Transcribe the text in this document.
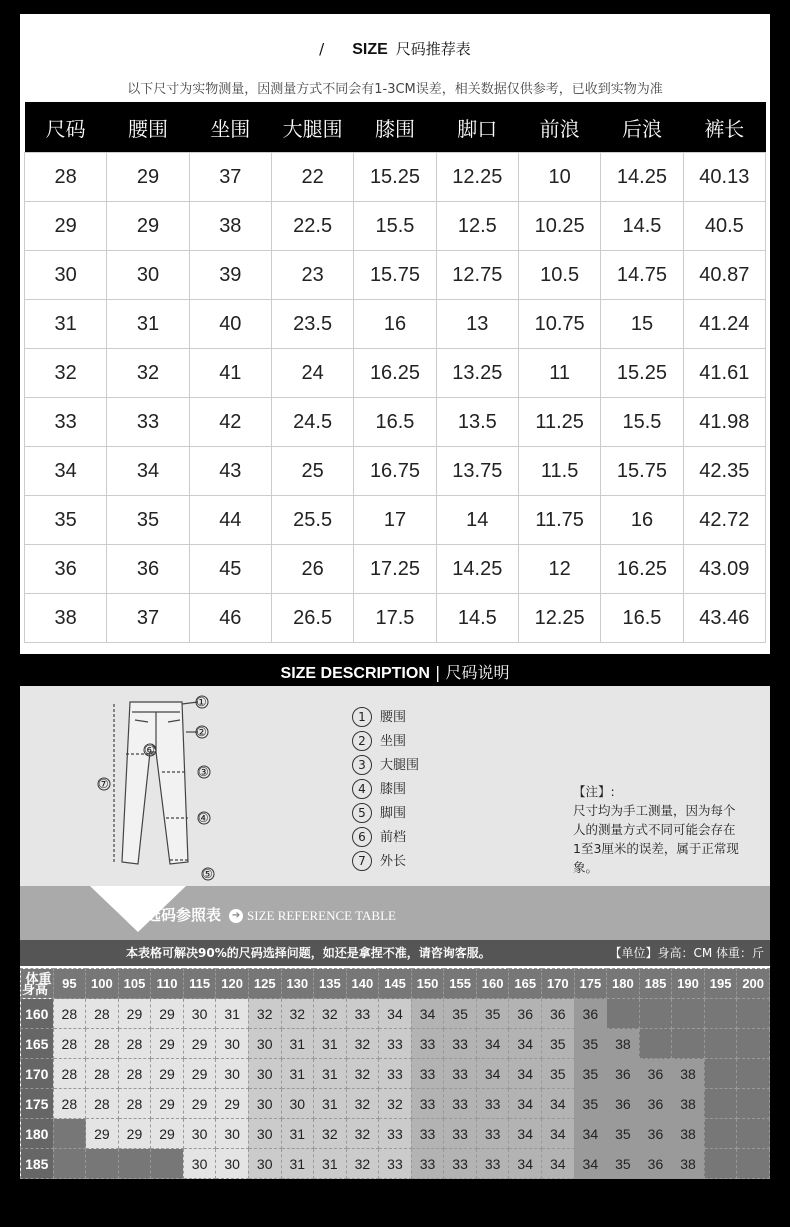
/ SIZE 尺码推荐表
以下尺寸为实物测量，因测量方式不同会有1-3CM误差，相关数据仅供参考，已收到实物为准
尺码	腰围	坐围	大腿围	膝围	脚口	前浪	后浪	裤长
28	29	37	22	15.25	12.25	10	14.25	40.13
29	29	38	22.5	15.5	12.5	10.25	14.5	40.5
30	30	39	23	15.75	12.75	10.5	14.75	40.87
31	31	40	23.5	16	13	10.75	15	41.24
32	32	41	24	16.25	13.25	11	15.25	41.61
33	33	42	24.5	16.5	13.5	11.25	15.5	41.98
34	34	43	25	16.75	13.75	11.5	15.75	42.35
35	35	44	25.5	17	14	11.75	16	42.72
36	36	45	26	17.25	14.25	12	16.25	43.09
38	37	46	26.5	17.5	14.5	12.25	16.5	43.46
SIZE DESCRIPTION | 尺码说明
①
②
③
④
⑤
⑥
⑦
1 腰围
2 坐围
3 大腿围
4 膝围
5 脚围
6 前档
7 外长
【注】:
尺寸均为手工测量，因为每个
人的测量方式不同可能会存在
1至3厘米的误差，属于正常现
象。
选码参照表 ➔ SIZE REFERENCE TABLE
本表格可解决90%的尺码选择问题，如还是拿捏不准，请咨询客服。	【单位】身高：CM 体重：斤
体重
身高	95	100	105	110	115	120	125	130	135	140	145	150	155	160	165	170	175	180	185	190	195	200
160	28	28	29	29	30	31	32	32	32	33	34	34	35	35	36	36	36					
165	28	28	28	29	29	30	30	31	31	32	33	33	33	34	34	35	35	38				
170	28	28	28	29	29	30	30	31	31	32	33	33	33	34	34	35	35	36	36	38		
175	28	28	28	29	29	29	30	30	31	32	32	33	33	33	34	34	35	36	36	38		
180		29	29	29	30	30	30	31	32	32	33	33	33	33	34	34	34	35	36	38		
185					30	30	30	31	31	32	33	33	33	33	34	34	34	35	36	38		
